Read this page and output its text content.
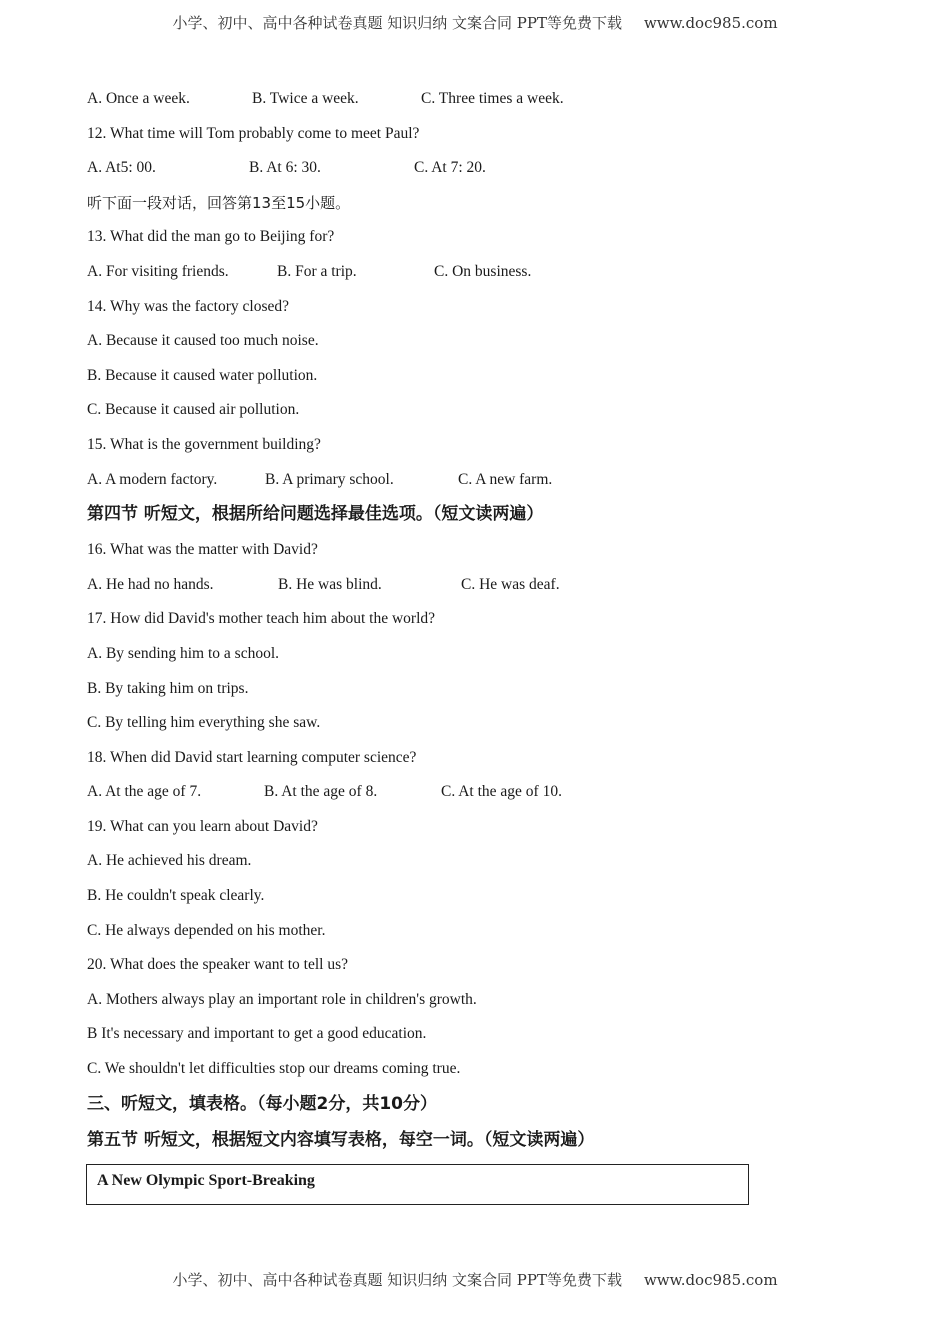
小学、初中、高中各种试卷真题 知识归纳 文案合同 PPT等免费下载 www.doc985.com
A. Once a week.	B. Twice a week.	C. Three times a week.
12. What time will Tom probably come to meet Paul?
A. At5: 00.	B. At 6: 30.	C. At 7: 20.
听下面一段对话，回答第13至15小题。
13. What did the man go to Beijing for?
A. For visiting friends.	B. For a trip.	C. On business.
14. Why was the factory closed?
A. Because it caused too much noise.
B. Because it caused water pollution.
C. Because it caused air pollution.
15. What is the government building?
A. A modern factory.	B. A primary school.	C. A new farm.
第四节 听短文，根据所给问题选择最佳选项。（短文读两遍）
16. What was the matter with David?
A. He had no hands.	B. He was blind.	C. He was deaf.
17. How did David's mother teach him about the world?
A. By sending him to a school.
B. By taking him on trips.
C. By telling him everything she saw.
18. When did David start learning computer science?
A. At the age of 7.	B. At the age of 8.	C. At the age of 10.
19. What can you learn about David?
A. He achieved his dream.
B. He couldn't speak clearly.
C. He always depended on his mother.
20. What does the speaker want to tell us?
A. Mothers always play an important role in children's growth.
B It's necessary and important to get a good education.
C. We shouldn't let difficulties stop our dreams coming true.
三、听短文，填表格。（每小题2分，共10分）
第五节 听短文，根据短文内容填写表格，每空一词。（短文读两遍）
A New Olympic Sport-Breaking
小学、初中、高中各种试卷真题 知识归纳 文案合同 PPT等免费下载 www.doc985.com
